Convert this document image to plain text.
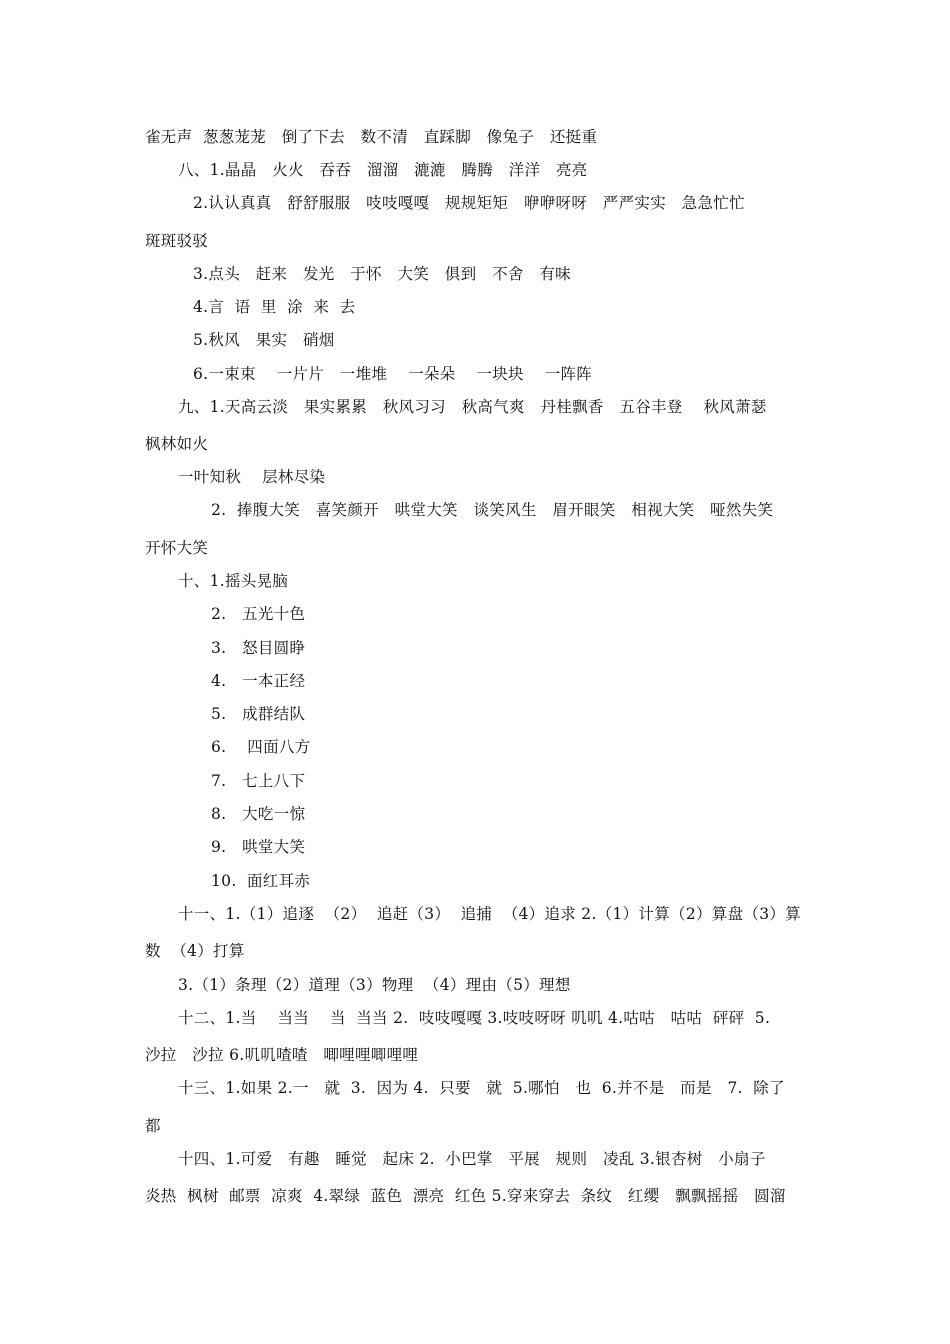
雀无声  葱葱茏茏   倒了下去   数不清   直踩脚   像兔子   还挺重
八、1.晶晶   火火   吞吞   溜溜   漉漉   腾腾   洋洋   亮亮
2.认认真真   舒舒服服   吱吱嘎嘎   规规矩矩   咿咿呀呀   严严实实   急急忙忙
斑斑驳驳
3.点头   赶来   发光   于怀   大笑   俱到   不舍   有味
4.言  语  里  涂  来  去
5.秋风   果实   硝烟
6.一束束    一片片   一堆堆    一朵朵    一块块    一阵阵
九、1.天高云淡   果实累累   秋风习习   秋高气爽   丹桂飘香   五谷丰登    秋风萧瑟
枫林如火
一叶知秋    层林尽染
2.  捧腹大笑   喜笑颜开   哄堂大笑   谈笑风生   眉开眼笑   相视大笑   哑然失笑
开怀大笑
十、1.摇头晃脑
2.   五光十色
3.   怒目圆睁
4.   一本正经
5.   成群结队
6.    四面八方
7.   七上八下
8.   大吃一惊
9.   哄堂大笑
10.  面红耳赤
十一、1.（1）追逐  （2）  追赶（3）  追捕  （4）追求 2.（1）计算（2）算盘（3）算
数  （4）打算
3.（1）条理（2）道理（3）物理  （4）理由（5）理想
十二、1.当    当当    当  当当 2.  吱吱嘎嘎 3.吱吱呀呀 叽叽 4.咕咕   咕咕  砰砰  5.
沙拉   沙拉 6.叽叽喳喳   唧哩哩唧哩哩
十三、1.如果 2.一   就  3.  因为 4.  只要   就  5.哪怕   也  6.并不是   而是   7.  除了
都
十四、1.可爱   有趣   睡觉   起床 2.  小巴掌   平展   规则   凌乱 3.银杏树   小扇子
炎热  枫树  邮票  凉爽  4.翠绿  蓝色  漂亮  红色 5.穿来穿去  条纹   红缨   飘飘摇摇   圆溜
